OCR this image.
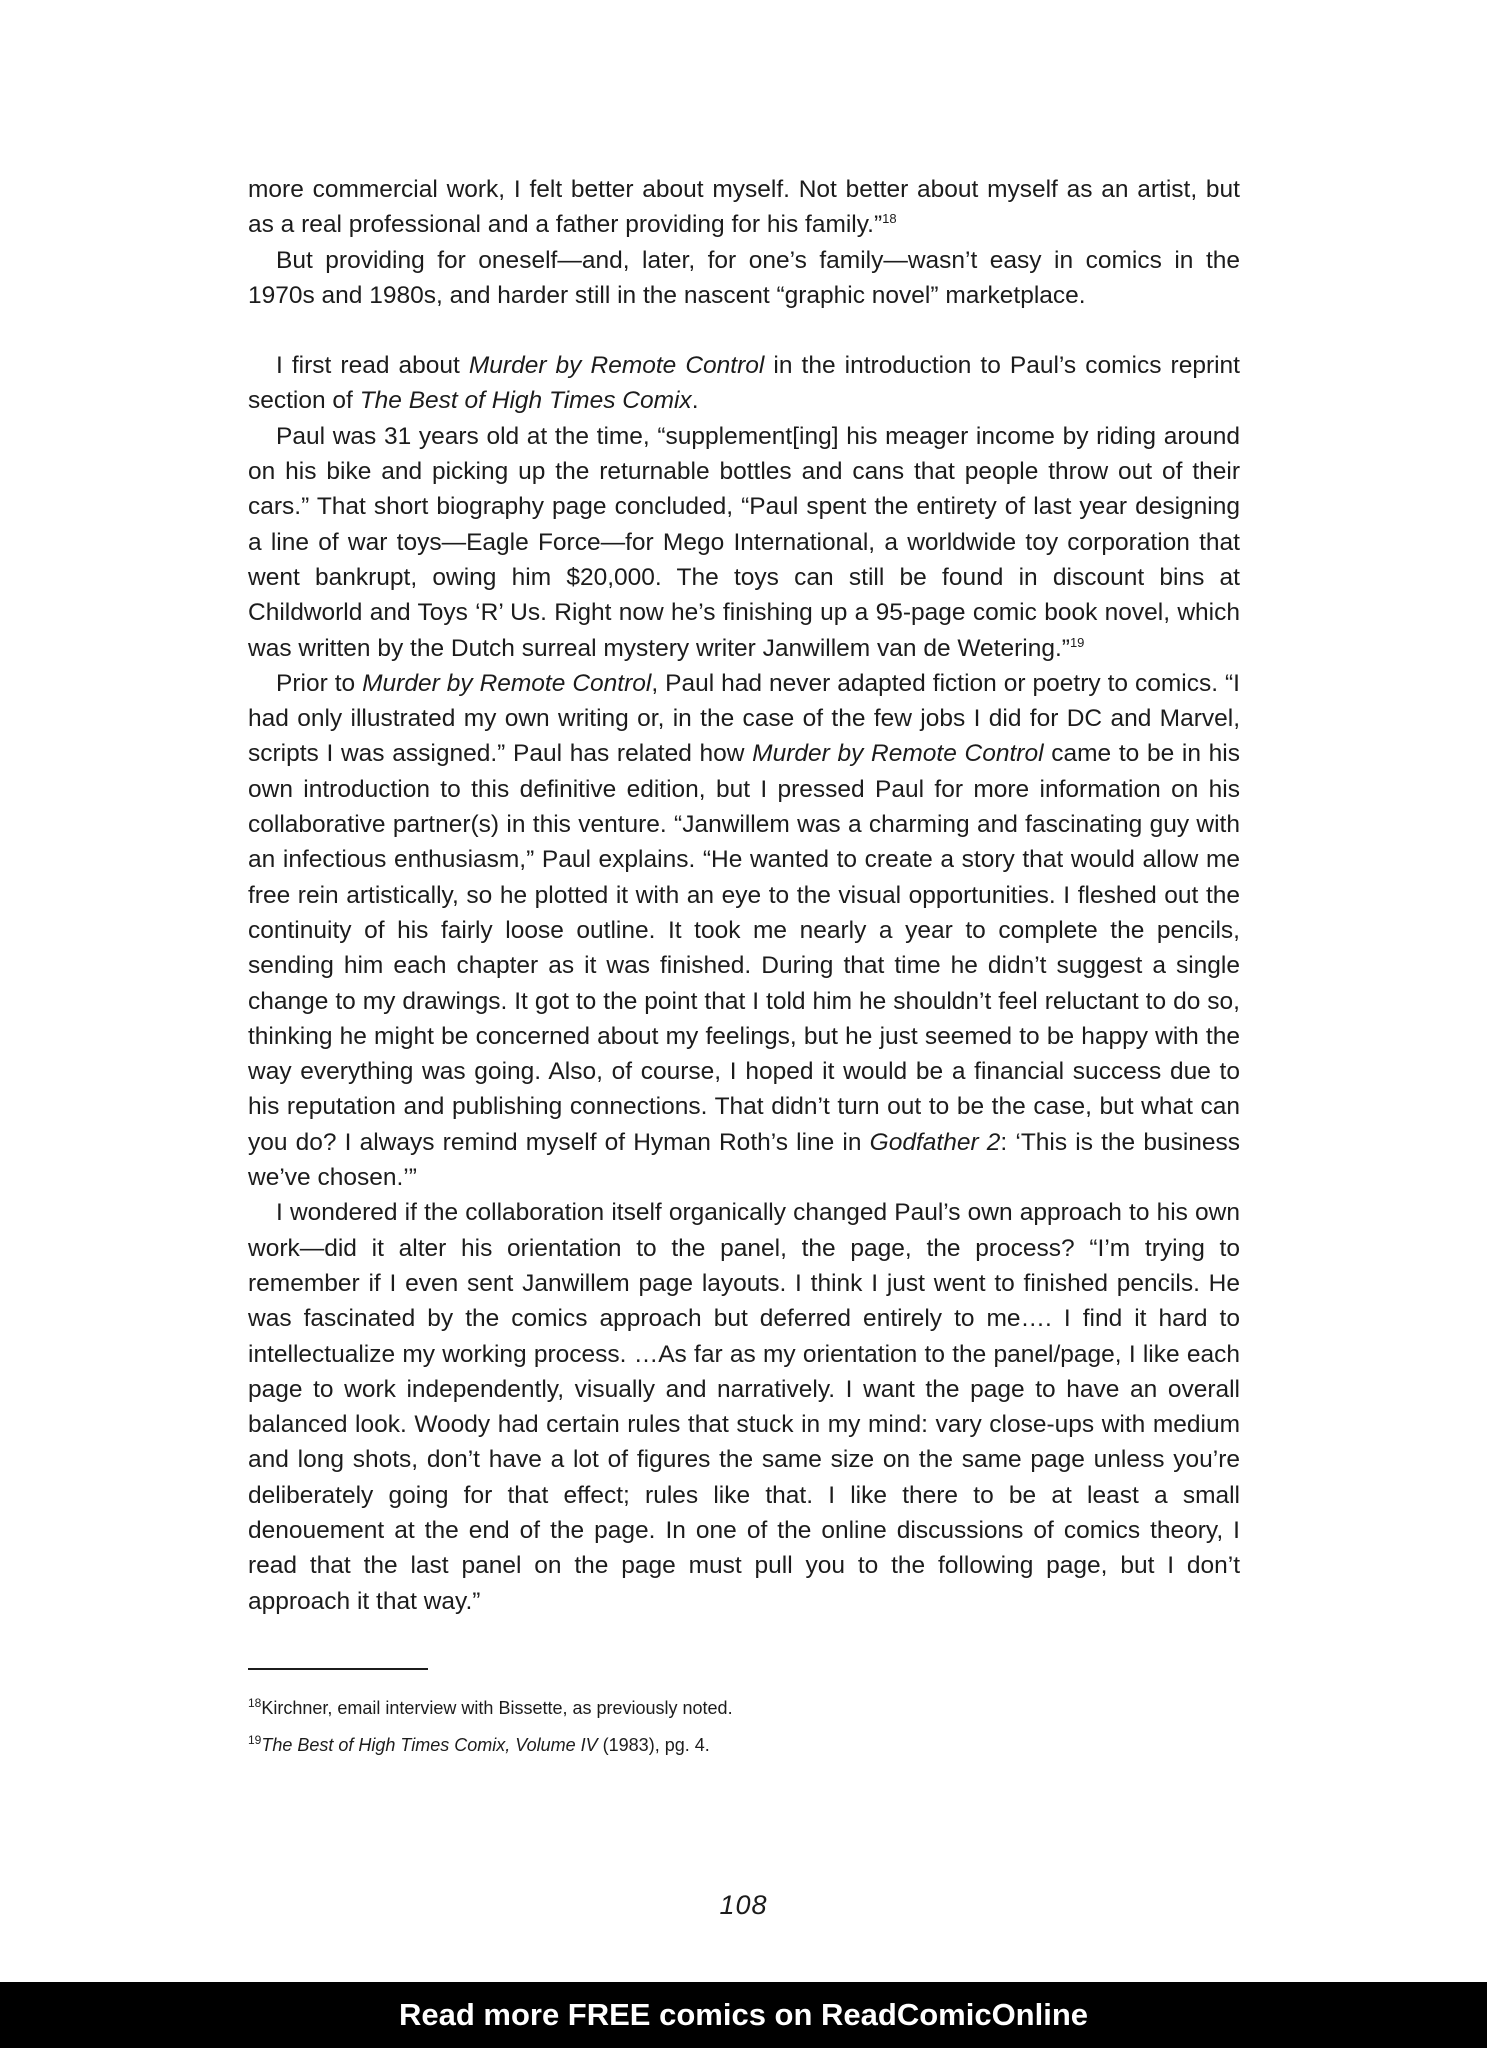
more commercial work, I felt better about myself. Not better about myself as an artist, but as a real professional and a father providing for his family.”$^{18}$

But providing for oneself—and, later, for one’s family—wasn’t easy in comics in the 1970s and 1980s, and harder still in the nascent “graphic novel” marketplace.

I first read about Murder by Remote Control in the introduction to Paul’s comics reprint section of The Best of High Times Comix.

Paul was 31 years old at the time, “supplement[ing] his meager income by riding around on his bike and picking up the returnable bottles and cans that people throw out of their cars.” That short biography page concluded, “Paul spent the entirety of last year designing a line of war toys—Eagle Force—for Mego International, a worldwide toy corporation that went bankrupt, owing him $20,000. The toys can still be found in discount bins at Childworld and Toys ‘R’ Us. Right now he’s finishing up a 95-page comic book novel, which was written by the Dutch surreal mystery writer Janwillem van de Wetering.”$^{19}$

Prior to Murder by Remote Control, Paul had never adapted fiction or poetry to comics. “I had only illustrated my own writing or, in the case of the few jobs I did for DC and Marvel, scripts I was assigned.” Paul has related how Murder by Remote Control came to be in his own introduction to this definitive edition, but I pressed Paul for more information on his collaborative partner(s) in this venture. “Janwillem was a charming and fascinating guy with an infectious enthusiasm,” Paul explains. “He wanted to create a story that would allow me free rein artistically, so he plotted it with an eye to the visual opportunities. I fleshed out the continuity of his fairly loose outline. It took me nearly a year to complete the pencils, sending him each chapter as it was finished. During that time he didn’t suggest a single change to my drawings. It got to the point that I told him he shouldn’t feel reluctant to do so, thinking he might be concerned about my feelings, but he just seemed to be happy with the way everything was going. Also, of course, I hoped it would be a financial success due to his reputation and publishing connections. That didn’t turn out to be the case, but what can you do? I always remind myself of Hyman Roth’s line in Godfather 2: ‘This is the business we’ve chosen.’”

I wondered if the collaboration itself organically changed Paul’s own approach to his own work—did it alter his orientation to the panel, the page, the process? “I’m trying to remember if I even sent Janwillem page layouts. I think I just went to finished pencils. He was fascinated by the comics approach but deferred entirely to me…. I find it hard to intellectualize my working process. …As far as my orientation to the panel/page, I like each page to work independently, visually and narratively. I want the page to have an overall balanced look. Woody had certain rules that stuck in my mind: vary close-ups with medium and long shots, don’t have a lot of figures the same size on the same page unless you’re deliberately going for that effect; rules like that. I like there to be at least a small denouement at the end of the page. In one of the online discussions of comics theory, I read that the last panel on the page must pull you to the following page, but I don’t approach it that way.”

$^{18}$Kirchner, email interview with Bissette, as previously noted.
$^{19}$The Best of High Times Comix, Volume IV (1983), pg. 4.
108
Read more FREE comics on ReadComicOnline
